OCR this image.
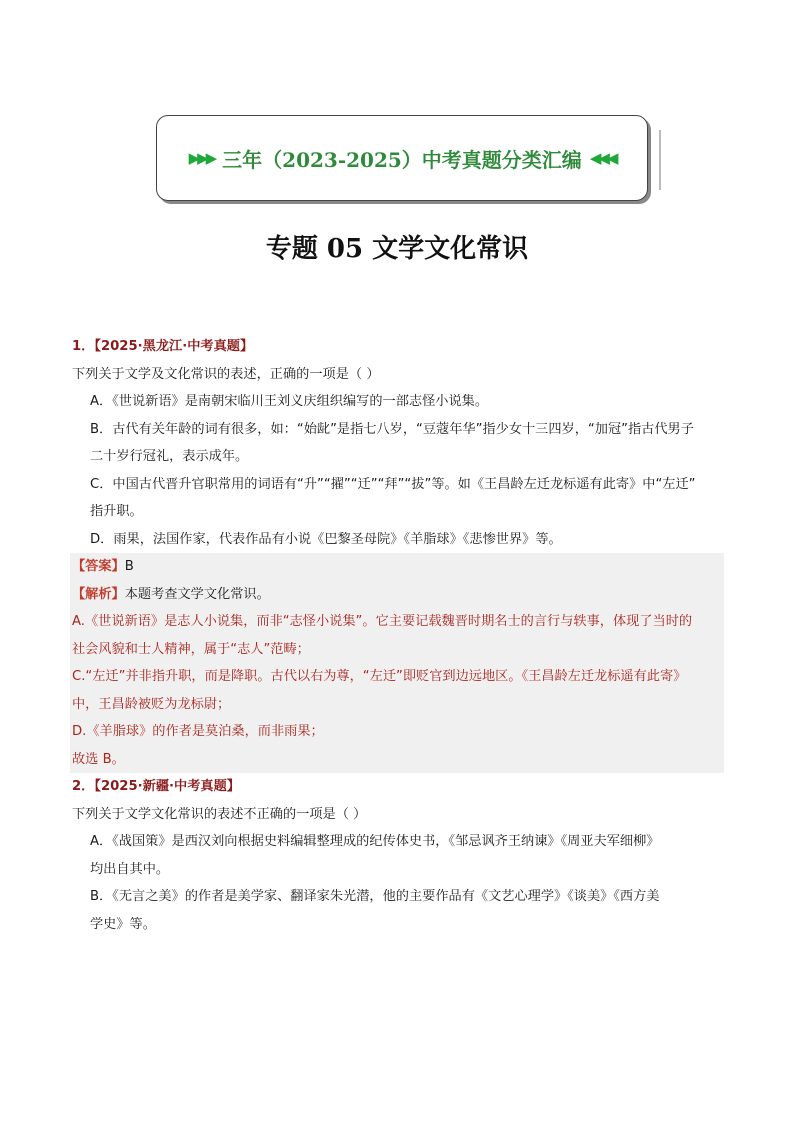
▶▶▶ 三年（2023-2025）中考真题分类汇编 ◀◀◀
专题 05 文学文化常识
1．【2025·黑龙江·中考真题】
下列关于文学及文化常识的表述，正确的一项是（ ）
A．《世说新语》是南朝宋临川王刘义庆组织编写的一部志怪小说集。
B．古代有关年龄的词有很多，如：“始龀”是指七八岁，“豆蔻年华”指少女十三四岁，“加冠”指古代男子
二十岁行冠礼，表示成年。
C．中国古代晋升官职常用的词语有“升”“擢”“迁”“拜”“拔”等。如《王昌龄左迁龙标遥有此寄》中“左迁”
指升职。
D．雨果，法国作家，代表作品有小说《巴黎圣母院》《羊脂球》《悲惨世界》等。
【答案】B
【解析】本题考查文学文化常识。
A.《世说新语》是志人小说集，而非“志怪小说集”。它主要记载魏晋时期名士的言行与轶事，体现了当时的
社会风貌和士人精神，属于“志人”范畴；
C.“左迁”并非指升职，而是降职。古代以右为尊，“左迁”即贬官到边远地区。《王昌龄左迁龙标遥有此寄》
中，王昌龄被贬为龙标尉；
D.《羊脂球》的作者是莫泊桑，而非雨果；
故选 B。
2．【2025·新疆·中考真题】
下列关于文学文化常识的表述不正确的一项是（ ）
A．《战国策》是西汉刘向根据史料编辑整理成的纪传体史书，《邹忌讽齐王纳谏》《周亚夫军细柳》
均出自其中。
B．《无言之美》的作者是美学家、翻译家朱光潜，他的主要作品有《文艺心理学》《谈美》《西方美
学史》等。
